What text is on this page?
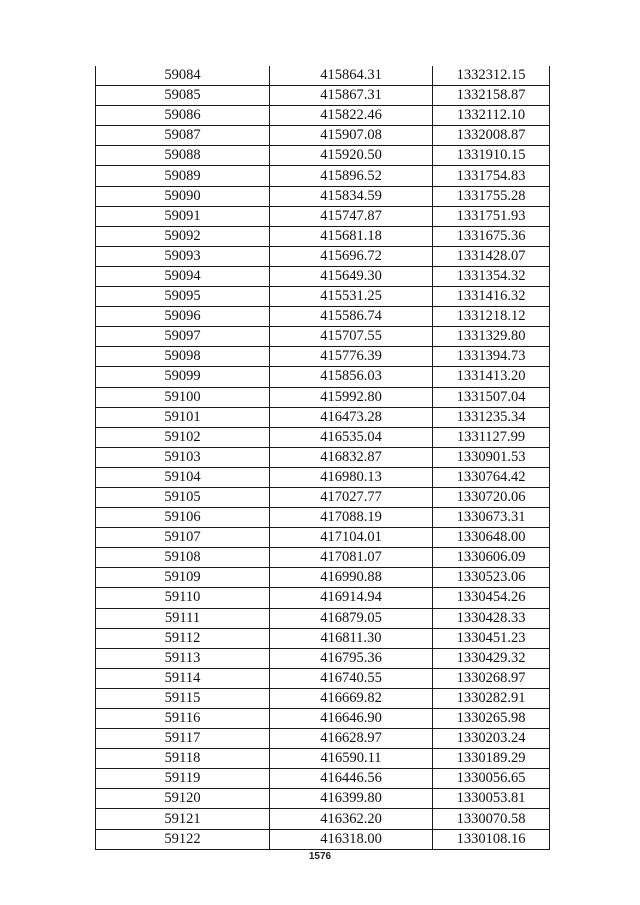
59084	415864.31	1332312.15
59085	415867.31	1332158.87
59086	415822.46	1332112.10
59087	415907.08	1332008.87
59088	415920.50	1331910.15
59089	415896.52	1331754.83
59090	415834.59	1331755.28
59091	415747.87	1331751.93
59092	415681.18	1331675.36
59093	415696.72	1331428.07
59094	415649.30	1331354.32
59095	415531.25	1331416.32
59096	415586.74	1331218.12
59097	415707.55	1331329.80
59098	415776.39	1331394.73
59099	415856.03	1331413.20
59100	415992.80	1331507.04
59101	416473.28	1331235.34
59102	416535.04	1331127.99
59103	416832.87	1330901.53
59104	416980.13	1330764.42
59105	417027.77	1330720.06
59106	417088.19	1330673.31
59107	417104.01	1330648.00
59108	417081.07	1330606.09
59109	416990.88	1330523.06
59110	416914.94	1330454.26
59111	416879.05	1330428.33
59112	416811.30	1330451.23
59113	416795.36	1330429.32
59114	416740.55	1330268.97
59115	416669.82	1330282.91
59116	416646.90	1330265.98
59117	416628.97	1330203.24
59118	416590.11	1330189.29
59119	416446.56	1330056.65
59120	416399.80	1330053.81
59121	416362.20	1330070.58
59122	416318.00	1330108.16
1576
